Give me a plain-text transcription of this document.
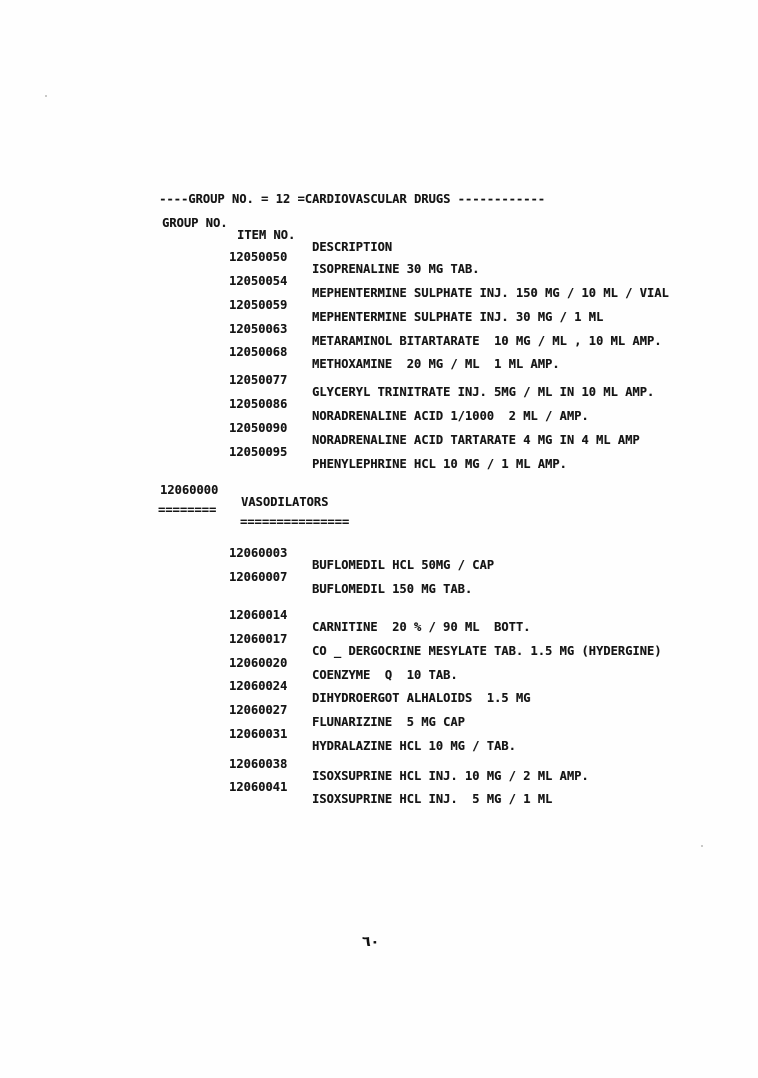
----GROUP NO. = 12 =CARDIOVASCULAR DRUGS ------------

GROUP NO.

ITEM NO.

DESCRIPTION

12050050

ISOPRENALINE 30 MG TAB.

12050054

MEPHENTERMINE SULPHATE INJ. 150 MG / 10 ML / VIAL

12050059

MEPHENTERMINE SULPHATE INJ. 30 MG / 1 ML

12050063

METARAMINOL BITARTARATE  10 MG / ML , 10 ML AMP.

12050068

METHOXAMINE  20 MG / ML  1 ML AMP.

12050077

GLYCERYL TRINITRATE INJ. 5MG / ML IN 10 ML AMP.

12050086

NORADRENALINE ACID 1/1000  2 ML / AMP.

12050090

NORADRENALINE ACID TARTARATE 4 MG IN 4 ML AMP

12050095

PHENYLEPHRINE HCL 10 MG / 1 ML AMP.

12060000

VASODILATORS

========

===============

12060003

BUFLOMEDIL HCL 50MG / CAP

12060007

BUFLOMEDIL 150 MG TAB.

12060014

CARNITINE  20 % / 90 ML  BOTT.

12060017

CO _ DERGOCRINE MESYLATE TAB. 1.5 MG (HYDERGINE)

12060020

COENZYME  Q  10 TAB.

12060024

DIHYDROERGOT ALHALOIDS  1.5 MG

12060027

FLUNARIZINE  5 MG CAP

12060031

HYDRALAZINE HCL 10 MG / TAB.

12060038

ISOXSUPRINE HCL INJ. 10 MG / 2 ML AMP.

12060041

ISOXSUPRINE HCL INJ.  5 MG / 1 ML

٦٠
